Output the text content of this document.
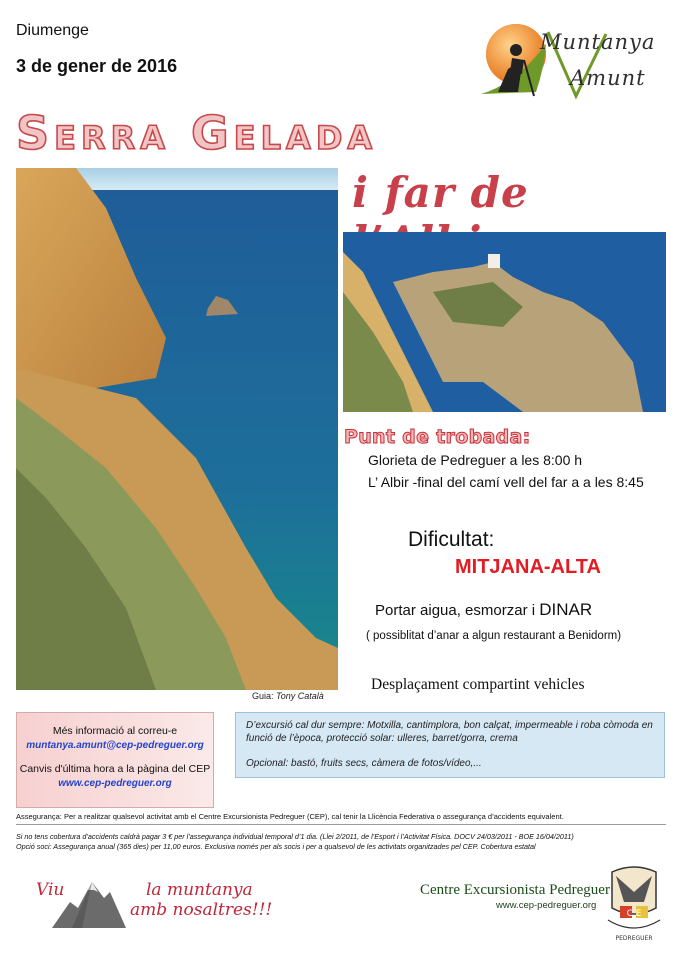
Diumenge
3 de gener de 2016
Muntanya
Amunt
Serra Gelada
i far de
Guia: Tony Català
Punt de trobada:
Glorieta de Pedreguer a les 8:00 h
L’ Albir -final del camí vell del far a a les 8:45
Dificultat:
MITJANA-ALTA
Portar aigua, esmorzar i DINAR
( possiblitat d’anar a algun restaurant a Benidorm)
Desplaçament compartint vehicles
Més informació al correu-e
muntanya.amunt@cep-pedreguer.org
Canvis d'última hora a la pàgina del CEP
www.cep-pedreguer.org
D’excursió cal dur sempre: Motxilla, cantimplora, bon calçat, impermeable i roba còmoda en funció de l’època, protecció solar: ulleres, barret/gorra, crema
Opcional: bastó, fruits secs, càmera de fotos/vídeo,...
Assegurança: Per a realitzar qualsevol activitat amb el Centre Excursionista Pedreguer (CEP), cal tenir la Llicència Federativa o assegurança d’accidents equivalent.
Si no tens cobertura d’accidents caldrà pagar 3 € per l’assegurança individual temporal d’1 dia. (Llei 2/2011, de l’Esport i l’Activitat Física. DOCV 24/03/2011 - BOE 16/04/2011)
Opció soci: Assegurança anual (365 dies) per 11,00 euros. Exclusiva només per als socis i per a qualsevol de les activitats organitzades pel CEP. Cobertura estatal
Viu	la muntanya
amb nosaltres!!!
Centre Excursionista Pedreguer
www.cep-pedreguer.org
C E
PEDREGUER
